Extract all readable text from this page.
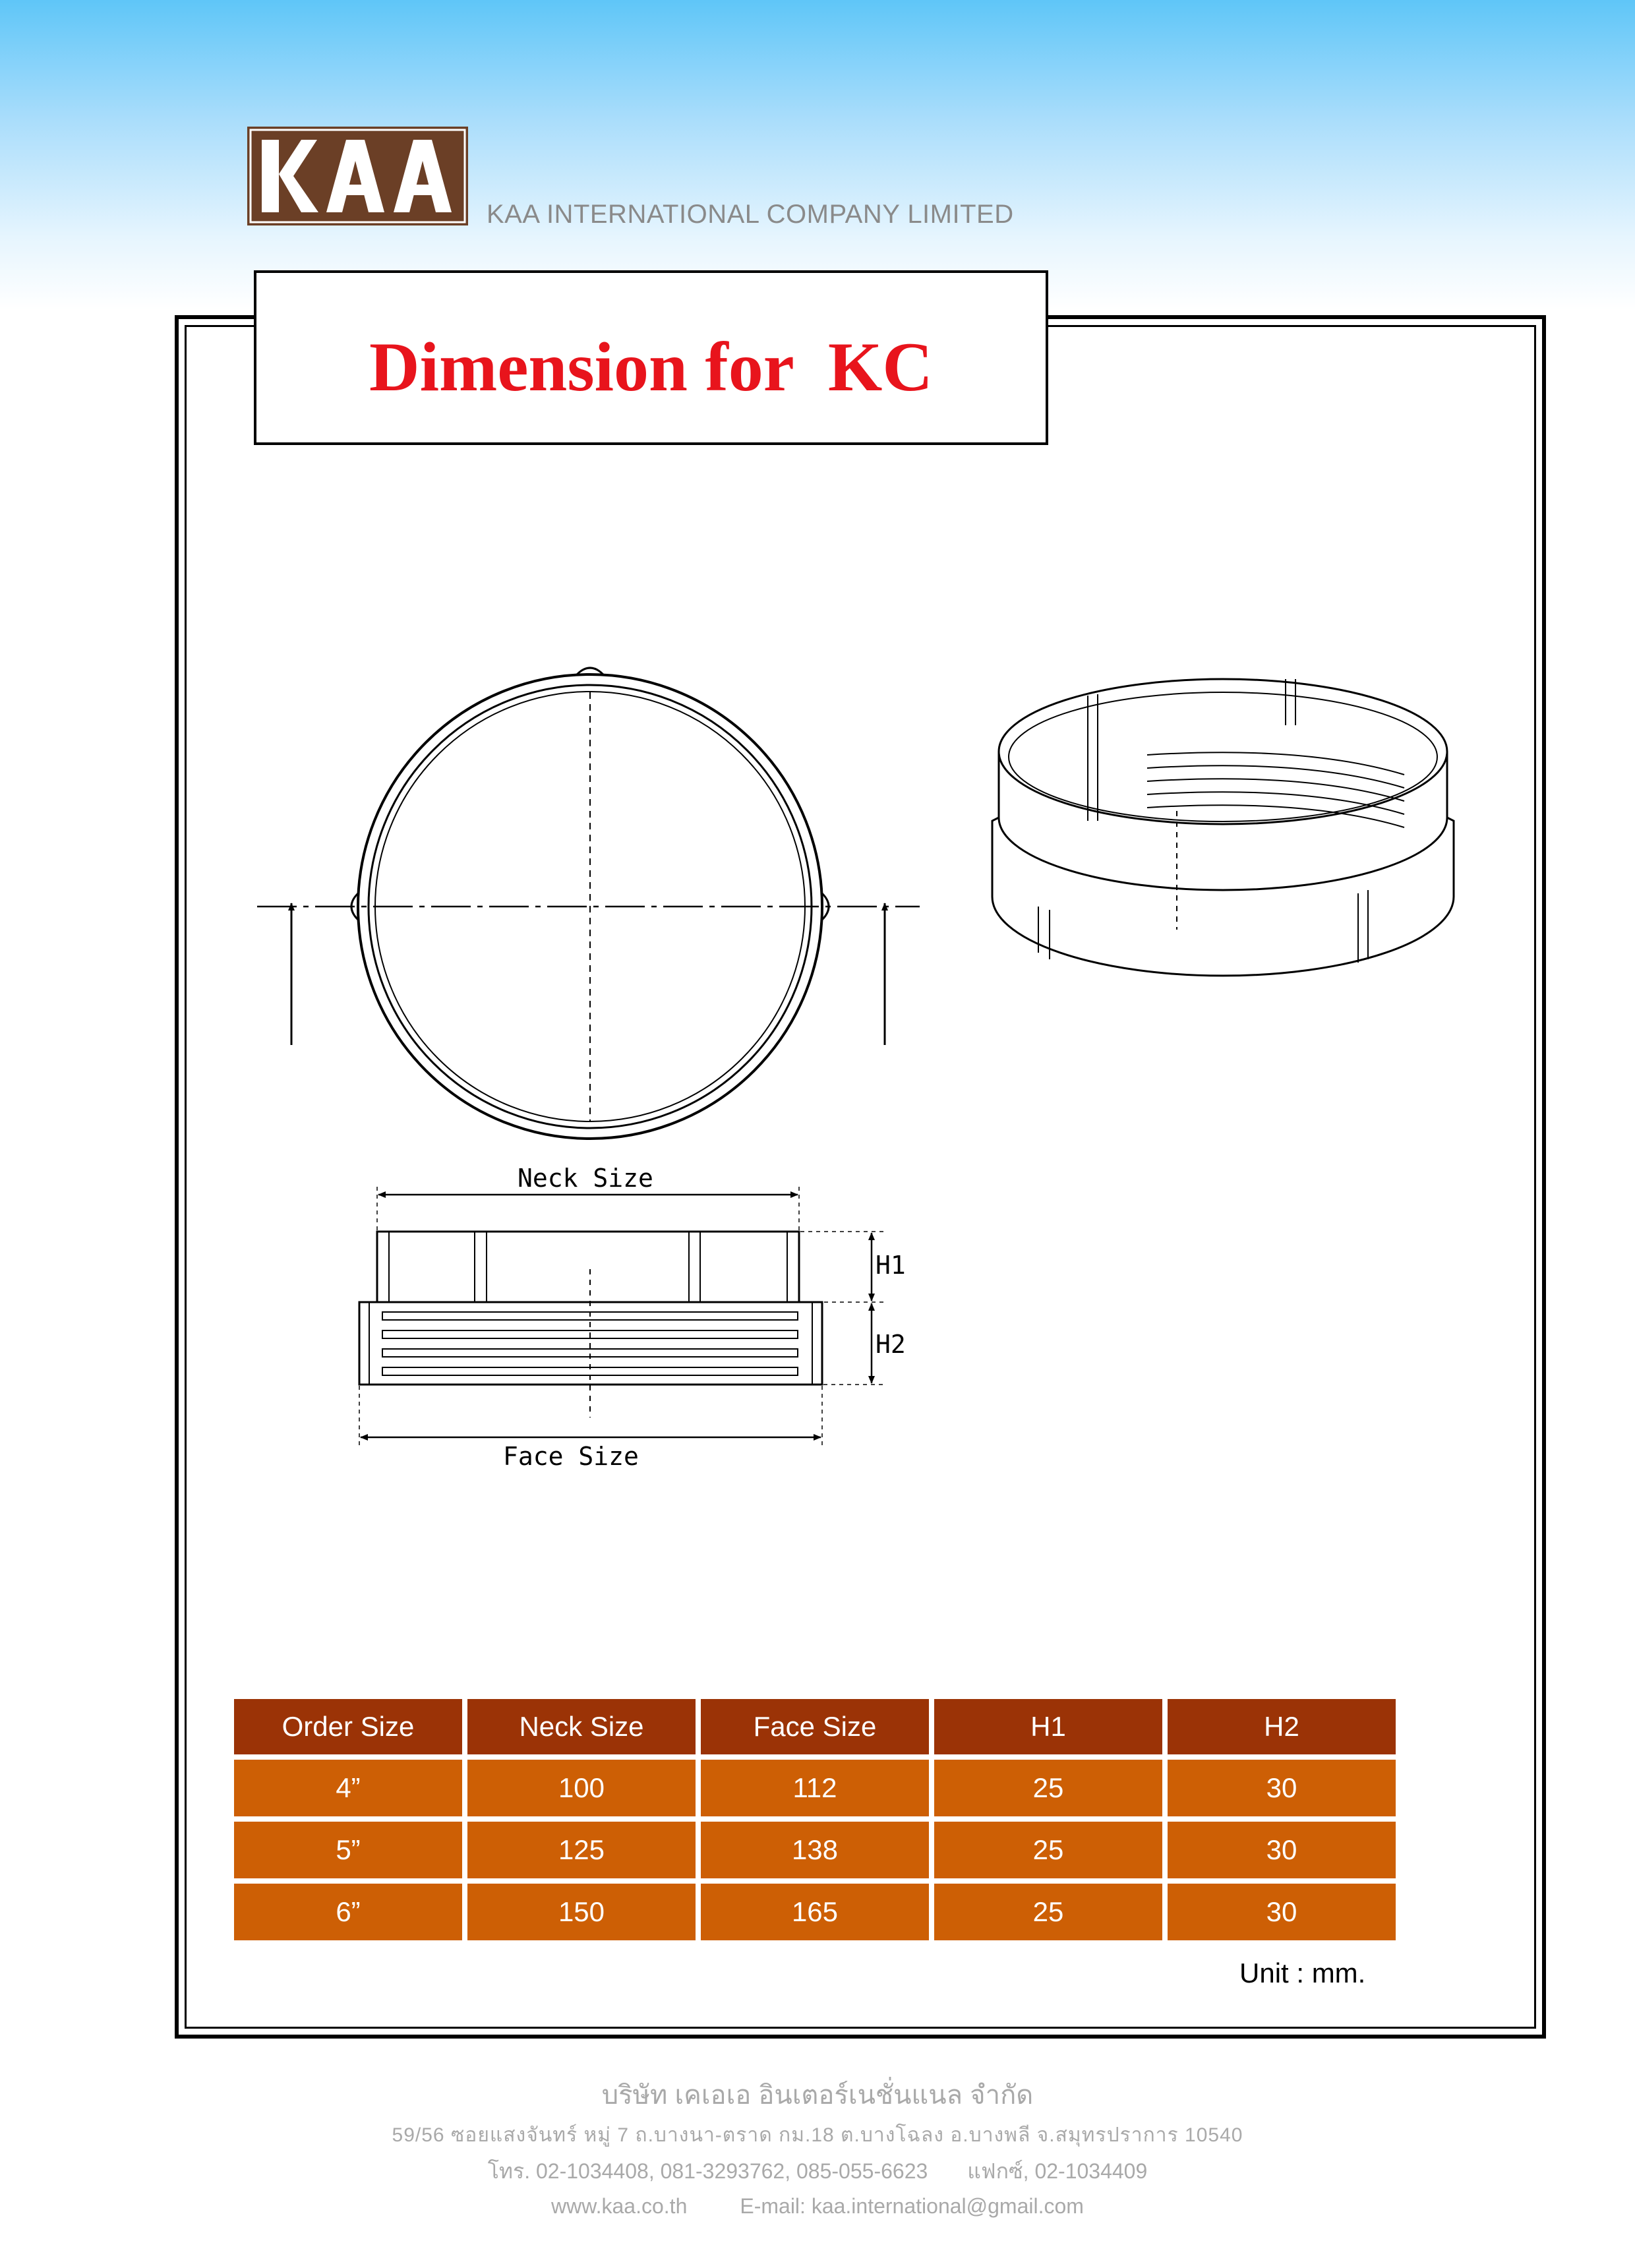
KAA INTERNATIONAL COMPANY LIMITED
Dimension for  KC
Neck Size
Face Size
H1
H2
Order Size	Neck Size	Face Size	H1	H2
4”	100	112	25	30
5”	125	138	25	30
6”	150	165	25	30
Unit : mm.
บริษัท เคเอเอ อินเตอร์เนชั่นแนล จำกัด
59/56 ซอยแสงจันทร์ หมู่ 7 ถ.บางนา-ตราด กม.18 ต.บางโฉลง อ.บางพลี จ.สมุทรปราการ 10540
โทร. 02-1034408, 081-3293762, 085-055-6623 แฟกซ์, 02-1034409
www.kaa.co.th	E-mail: kaa.international@gmail.com
